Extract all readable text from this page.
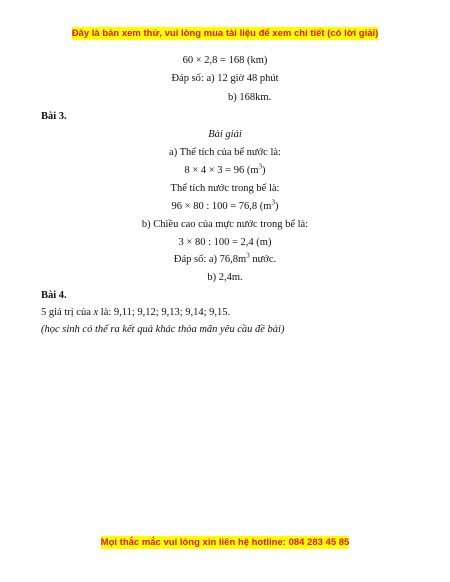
Đây là bản xem thử, vui lòng mua tài liệu để xem chi tiết (có lời giải)
60 × 2,8 = 168 (km)
Đáp số: a) 12 giờ 48 phút
b) 168km.
Bài 3.
Bài giải
a) Thể tích của bể nước là:
8 × 4 × 3 = 96 $(m^3)$
Thể tích nước trong bể là:
96 × 80 : 100 = 76,8 $(m^3)$
b) Chiều cao của mực nước trong bể là:
3 × 80 : 100 = 2,4 (m)
Đáp số: a) $76,8m^3$ nước.
b) 2,4m.
Bài 4.
5 giá trị của x là: 9,11; 9,12; 9,13; 9,14; 9,15.
(học sinh có thể ra kết quả khác thỏa mãn yêu cầu đề bài)
Mọi thắc mắc vui lòng xin liên hệ hotline: 084 283 45 85
